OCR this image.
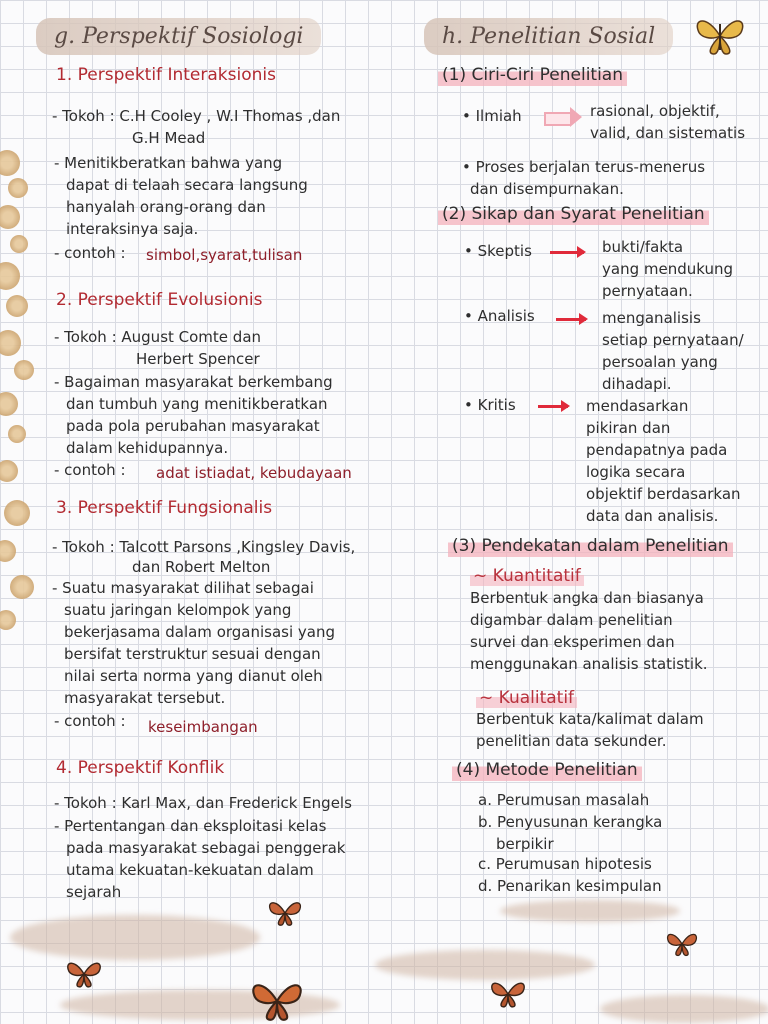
g. Perspektif Sosiologi
1. Perspektif Interaksionis
- Tokoh : C.H Cooley , W.I Thomas ,dan
G.H Mead
- Menitikberatkan bahwa yang
dapat di telaah secara langsung
hanyalah orang-orang dan
interaksinya saja.
- contoh : simbol,syarat,tulisan
2. Perspektif Evolusionis
- Tokoh : August Comte dan
Herbert Spencer
- Bagaiman masyarakat berkembang
dan tumbuh yang menitikberatkan
pada pola perubahan masyarakat
dalam kehidupannya.
- contoh : adat istiadat, kebudayaan
3. Perspektif Fungsionalis
- Tokoh : Talcott Parsons ,Kingsley Davis,
dan Robert Melton
- Suatu masyarakat dilihat sebagai
suatu jaringan kelompok yang
bekerjasama dalam organisasi yang
bersifat terstruktur sesuai dengan
nilai serta norma yang dianut oleh
masyarakat tersebut.
- contoh : keseimbangan
4. Perspektif Konflik
- Tokoh : Karl Max, dan Frederick Engels
- Pertentangan dan eksploitasi kelas
pada masyarakat sebagai penggerak
utama kekuatan-kekuatan dalam
sejarah
h. Penelitian Sosial
(1) Ciri-Ciri Penelitian
• Ilmiah	rasional, objektif,
valid, dan sistematis
• Proses berjalan terus-menerus
dan disempurnakan.
(2) Sikap dan Syarat Penelitian
• Skeptis	bukti/fakta
yang mendukung
pernyataan.
• Analisis	menganalisis
setiap pernyataan/
persoalan yang
dihadapi.
• Kritis	mendasarkan
pikiran dan
pendapatnya pada
logika secara
objektif berdasarkan
data dan analisis.
(3) Pendekatan dalam Penelitian
~ Kuantitatif
Berbentuk angka dan biasanya
digambar dalam penelitian
survei dan eksperimen dan
menggunakan analisis statistik.
~ Kualitatif
Berbentuk kata/kalimat dalam
penelitian data sekunder.
(4) Metode Penelitian
a. Perumusan masalah
b. Penyusunan kerangka
berpikir
c. Perumusan hipotesis
d. Penarikan kesimpulan
